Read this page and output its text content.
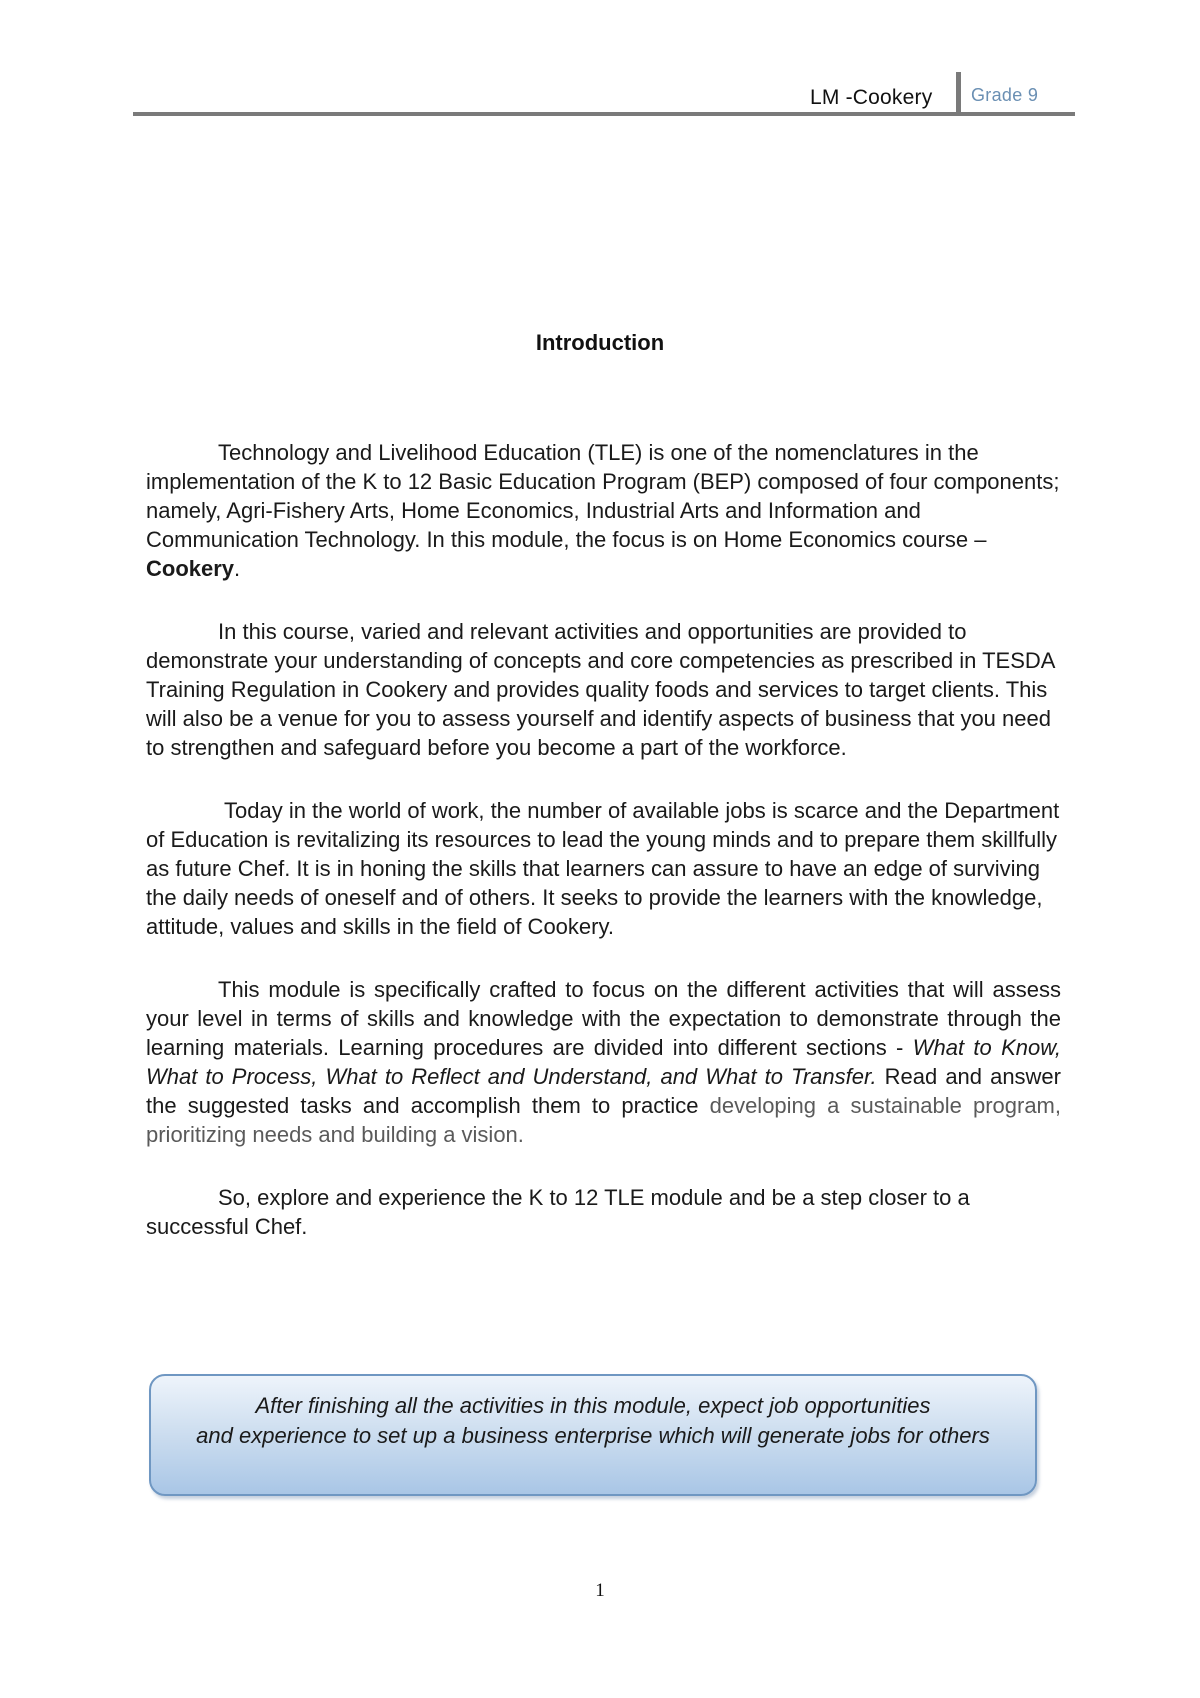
LM -Cookery Grade 9
Introduction

Technology and Livelihood Education (TLE) is one of the nomenclatures in the implementation of the K to 12 Basic Education Program (BEP) composed of four components; namely, Agri-Fishery Arts, Home Economics, Industrial Arts and Information and Communication Technology. In this module, the focus is on Home Economics course – Cookery.

In this course, varied and relevant activities and opportunities are provided to demonstrate your understanding of concepts and core competencies as prescribed in TESDA Training Regulation in Cookery and provides quality foods and services to target clients. This will also be a venue for you to assess yourself and identify aspects of business that you need to strengthen and safeguard before you become a part of the workforce.

Today in the world of work, the number of available jobs is scarce and the Department of Education is revitalizing its resources to lead the young minds and to prepare them skillfully as future Chef. It is in honing the skills that learners can assure to have an edge of surviving the daily needs of oneself and of others. It seeks to provide the learners with the knowledge, attitude, values and skills in the field of Cookery.

This module is specifically crafted to focus on the different activities that will assess your level in terms of skills and knowledge with the expectation to demonstrate through the learning materials. Learning procedures are divided into different sections - What to Know, What to Process, What to Reflect and Understand, and What to Transfer. Read and answer the suggested tasks and accomplish them to practice developing a sustainable program, prioritizing needs and building a vision.

So, explore and experience the K to 12 TLE module and be a step closer to a successful Chef.

After finishing all the activities in this module, expect job opportunities
and experience to set up a business enterprise which will generate jobs for others
1
